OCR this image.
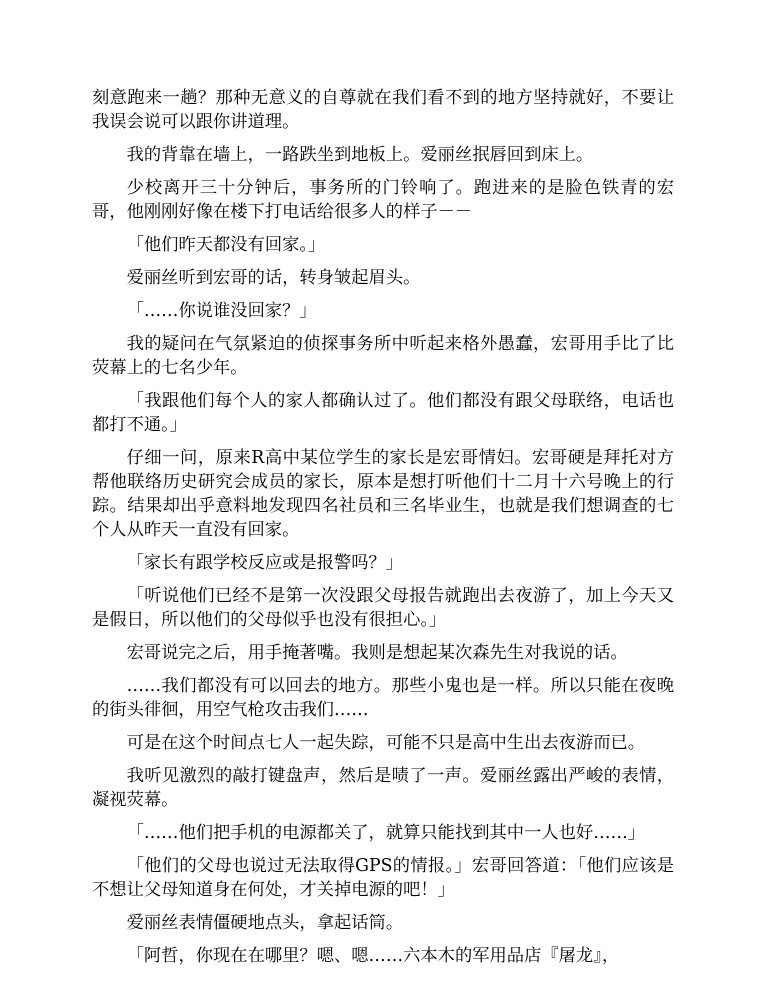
刻意跑来一趟？那种无意义的自尊就在我们看不到的地方坚持就好，不要让我误会说可以跟你讲道理。

我的背靠在墙上，一路跌坐到地板上。爱丽丝抿唇回到床上。

少校离开三十分钟后，事务所的门铃响了。跑进来的是脸色铁青的宏哥，他刚刚好像在楼下打电话给很多人的样子－－

「他们昨天都没有回家。」

爱丽丝听到宏哥的话，转身皱起眉头。

「……你说谁没回家？」

我的疑问在气氛紧迫的侦探事务所中听起来格外愚蠢，宏哥用手比了比荧幕上的七名少年。

「我跟他们每个人的家人都确认过了。他们都没有跟父母联络，电话也都打不通。」

仔细一问，原来R高中某位学生的家长是宏哥情妇。宏哥硬是拜托对方帮他联络历史研究会成员的家长，原本是想打听他们十二月十六号晚上的行踪。结果却出乎意料地发现四名社员和三名毕业生，也就是我们想调查的七个人从昨天一直没有回家。

「家长有跟学校反应或是报警吗？」

「听说他们已经不是第一次没跟父母报告就跑出去夜游了，加上今天又是假日，所以他们的父母似乎也没有很担心。」

宏哥说完之后，用手掩著嘴。我则是想起某次森先生对我说的话。

……我们都没有可以回去的地方。那些小鬼也是一样。所以只能在夜晚的街头徘徊，用空气枪攻击我们……

可是在这个时间点七人一起失踪，可能不只是高中生出去夜游而已。

我听见激烈的敲打键盘声，然后是啧了一声。爱丽丝露出严峻的表情，凝视荧幕。

「……他们把手机的电源都关了，就算只能找到其中一人也好……」

「他们的父母也说过无法取得GPS的情报。」宏哥回答道：「他们应该是不想让父母知道身在何处，才关掉电源的吧！」

爱丽丝表情僵硬地点头，拿起话筒。

「阿哲，你现在在哪里？嗯、嗯……六本木的军用品店『屠龙』，
